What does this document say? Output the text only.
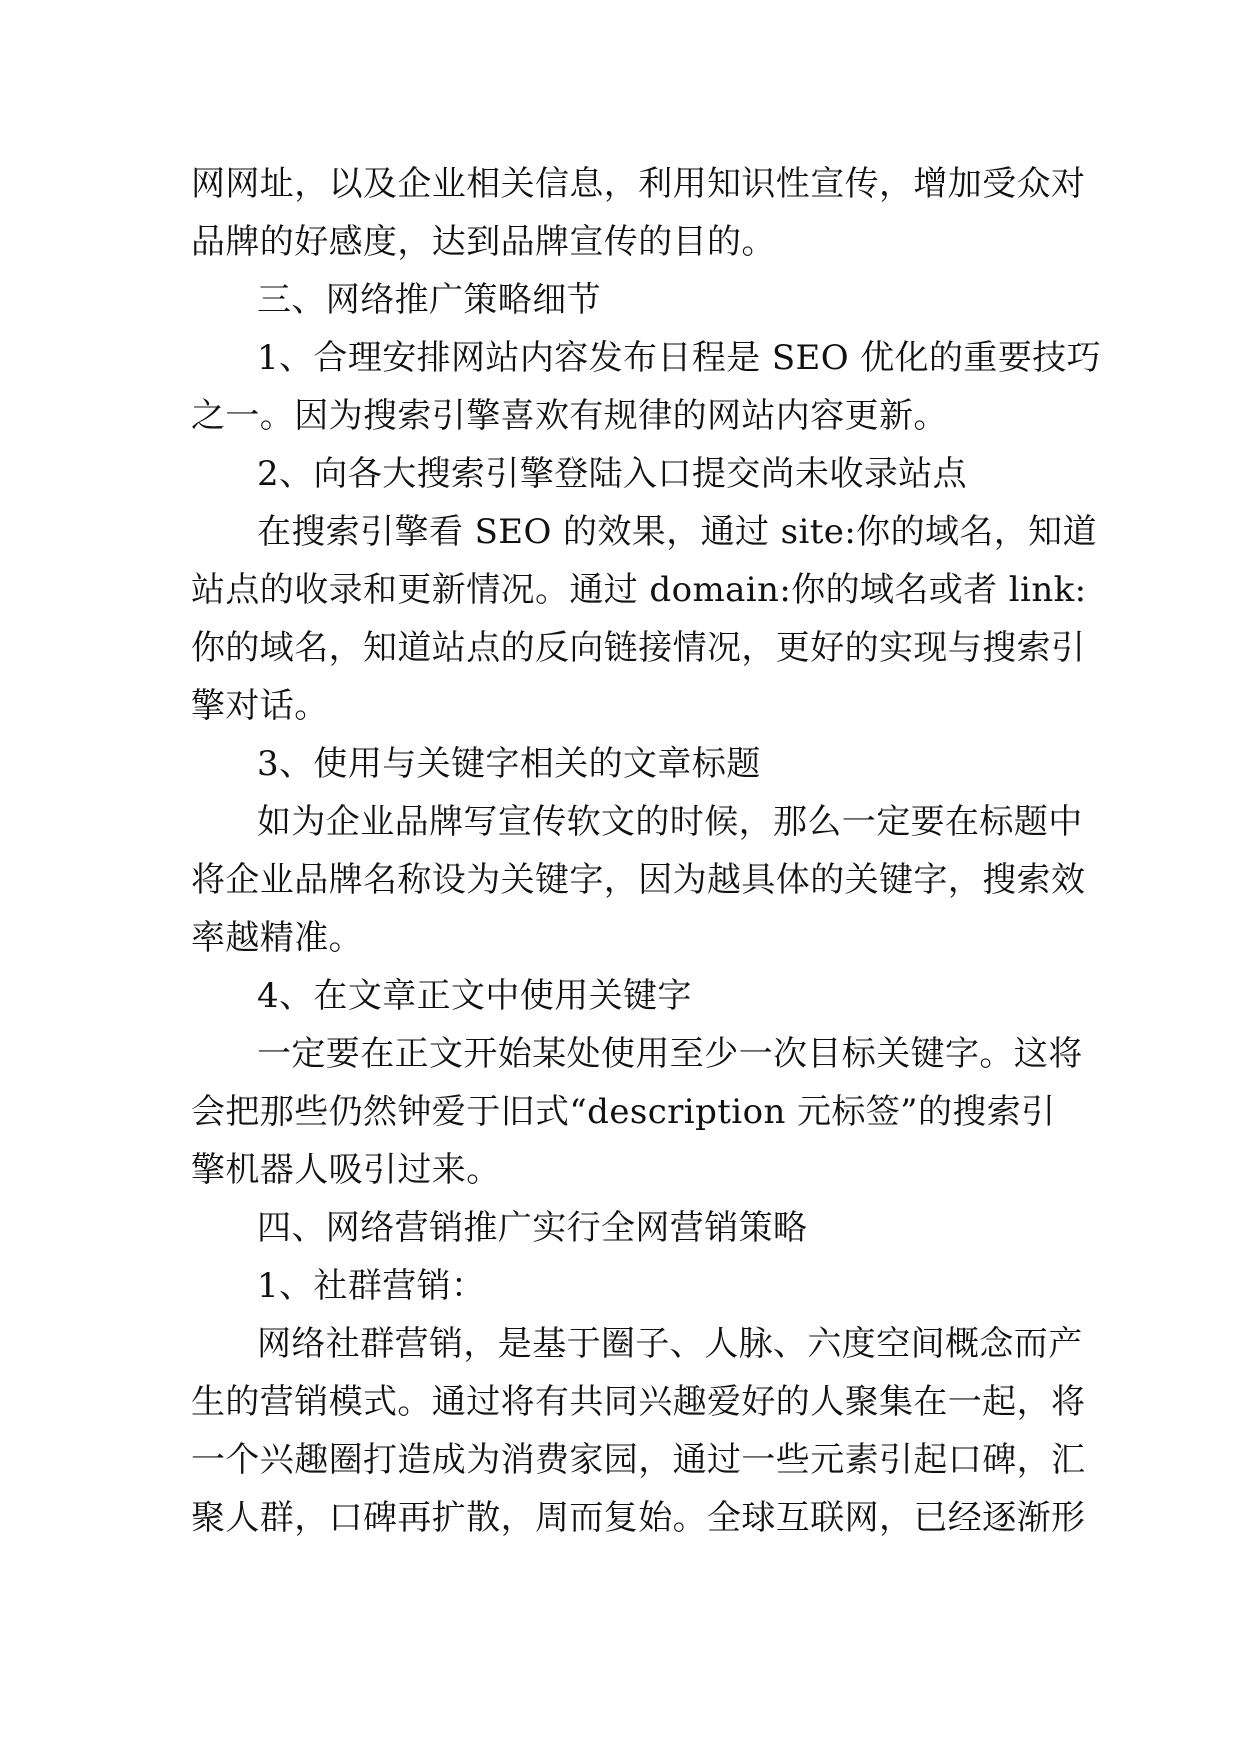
网网址，以及企业相关信息，利用知识性宣传，增加受众对
品牌的好感度，达到品牌宣传的目的。
三、网络推广策略细节
1、合理安排网站内容发布日程是 SEO 优化的重要技巧
之一。因为搜索引擎喜欢有规律的网站内容更新。
2、向各大搜索引擎登陆入口提交尚未收录站点
在搜索引擎看 SEO 的效果，通过 site:你的域名，知道
站点的收录和更新情况。通过 domain:你的域名或者 link:
你的域名，知道站点的反向链接情况，更好的实现与搜索引
擎对话。
3、使用与关键字相关的文章标题
如为企业品牌写宣传软文的时候，那么一定要在标题中
将企业品牌名称设为关键字，因为越具体的关键字，搜索效
率越精准。
4、在文章正文中使用关键字
一定要在正文开始某处使用至少一次目标关键字。这将
会把那些仍然钟爱于旧式“description 元标签”的搜索引
擎机器人吸引过来。
四、网络营销推广实行全网营销策略
1、社群营销：
网络社群营销，是基于圈子、人脉、六度空间概念而产
生的营销模式。通过将有共同兴趣爱好的人聚集在一起，将
一个兴趣圈打造成为消费家园，通过一些元素引起口碑，汇
聚人群，口碑再扩散，周而复始。全球互联网，已经逐渐形
